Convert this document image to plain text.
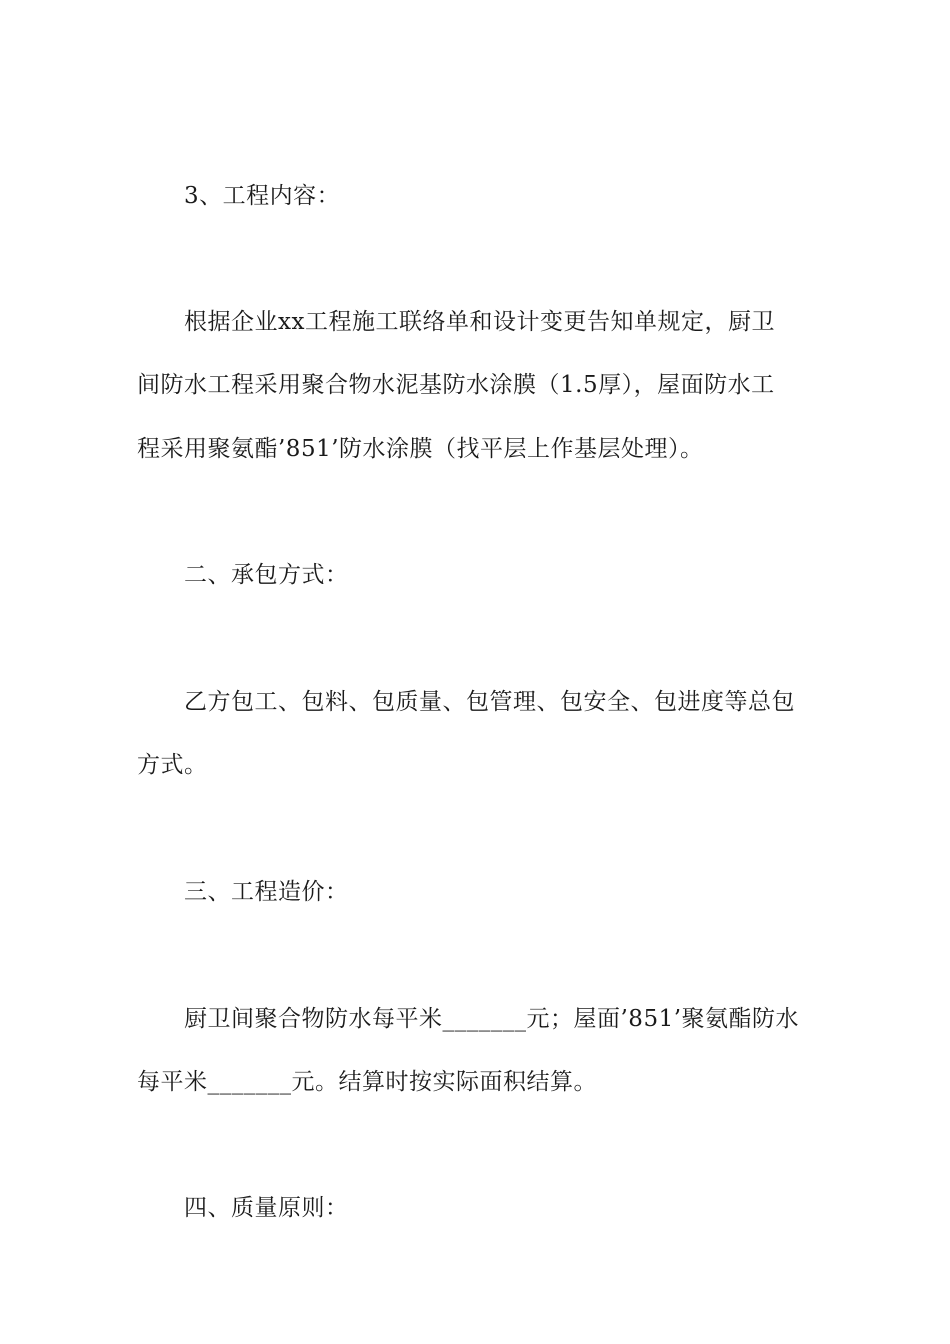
3、工程内容：
根据企业xx工程施工联络单和设计变更告知单规定，厨卫
间防水工程采用聚合物水泥基防水涂膜（1.5厚），屋面防水工
程采用聚氨酯’851’防水涂膜（找平层上作基层处理）。
二、承包方式：
乙方包工、包料、包质量、包管理、包安全、包进度等总包
方式。
三、工程造价：
厨卫间聚合物防水每平米_______元；屋面’851’聚氨酯防水
每平米_______元。结算时按实际面积结算。
四、质量原则：
